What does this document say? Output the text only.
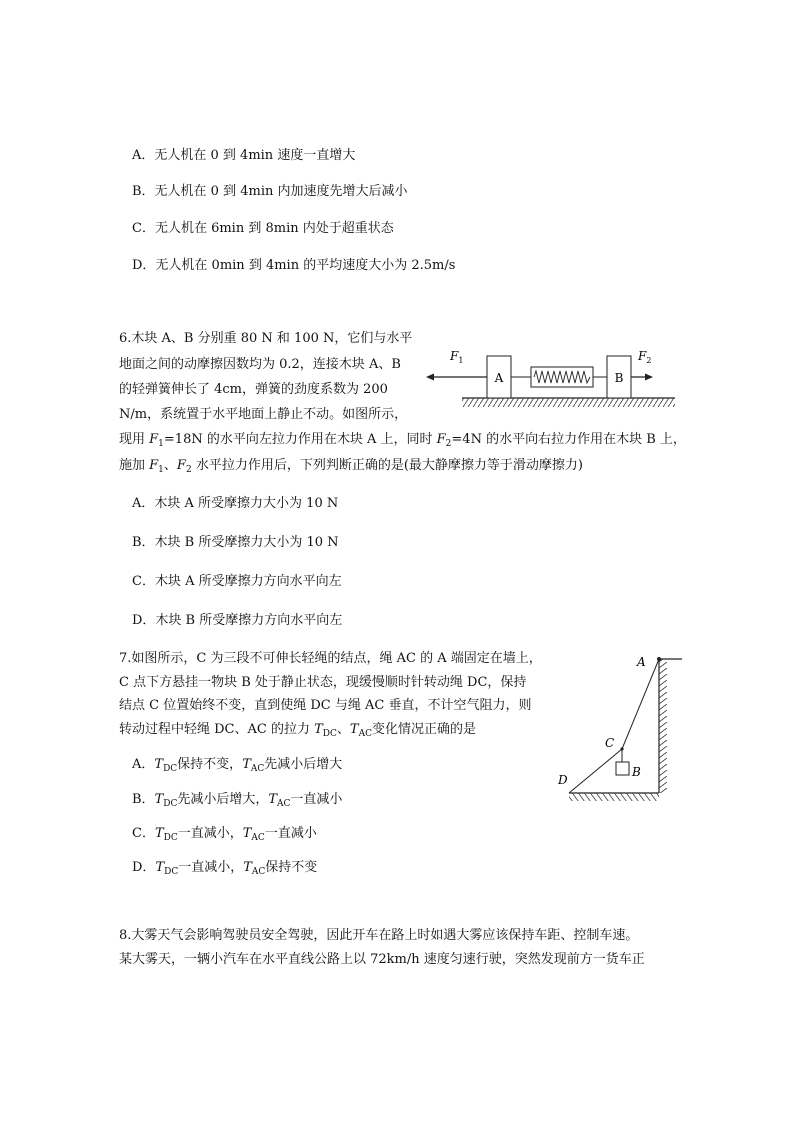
A．无人机在 0 到 4min 速度一直增大
B．无人机在 0 到 4min 内加速度先增大后减小
C．无人机在 6min 到 8min 内处于超重状态
D．无人机在 0min 到 4min 的平均速度大小为 2.5m/s
6.木块 A、B 分别重 80 N 和 100 N，它们与水平
地面之间的动摩擦因数均为 0.2，连接木块 A、B
的轻弹簧伸长了 4cm，弹簧的劲度系数为 200
N/m，系统置于水平地面上静止不动。如图所示，
现用 $F_1=18N$ 的水平向左拉力作用在木块 A 上，同时 $F_2=4N$ 的水平向右拉力作用在木块 B 上，
施加 $F_1$、$F_2$ 水平拉力作用后，下列判断正确的是(最大静摩擦力等于滑动摩擦力)
A	B
$F_1$	$F_2$
A．木块 A 所受摩擦力大小为 10 N
B．木块 B 所受摩擦力大小为 10 N
C．木块 A 所受摩擦力方向水平向左
D．木块 B 所受摩擦力方向水平向左
7.如图所示，C 为三段不可伸长轻绳的结点，绳 AC 的 A 端固定在墙上，
C 点下方悬挂一物块 B 处于静止状态，现缓慢顺时针转动绳 DC，保持
结点 C 位置始终不变，直到使绳 DC 与绳 AC 垂直，不计空气阻力，则
转动过程中轻绳 DC、AC 的拉力 $T_{DC}$、$T_{AC}$变化情况正确的是
A．$T_{DC}$保持不变，$T_{AC}$先减小后增大
B．$T_{DC}$先减小后增大，$T_{AC}$一直减小
C．$T_{DC}$一直减小，$T_{AC}$一直减小
D．$T_{DC}$一直减小，$T_{AC}$保持不变
A
C
B
D
8.大雾天气会影响驾驶员安全驾驶，因此开车在路上时如遇大雾应该保持车距、控制车速。
某大雾天，一辆小汽车在水平直线公路上以 72km/h 速度匀速行驶，突然发现前方一货车正
